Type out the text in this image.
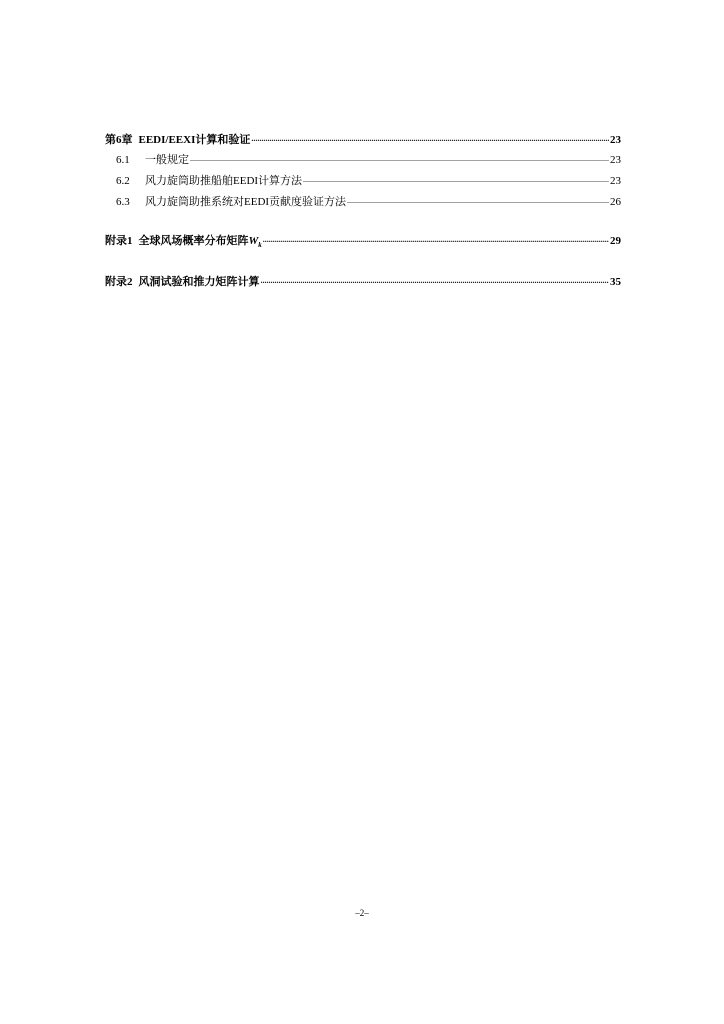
第6章 EEDI/EEXI计算和验证 .....	23
6.1	一般规定 .....	23
6.2	风力旋筒助推船舶EEDI计算方法 .....	23
6.3	风力旋筒助推系统对EEDI贡献度验证方法 .....	26
附录1 全球风场概率分布矩阵$W_k$ .....	29
附录2 风洞试验和推力矩阵计算 .....	35
–2–
